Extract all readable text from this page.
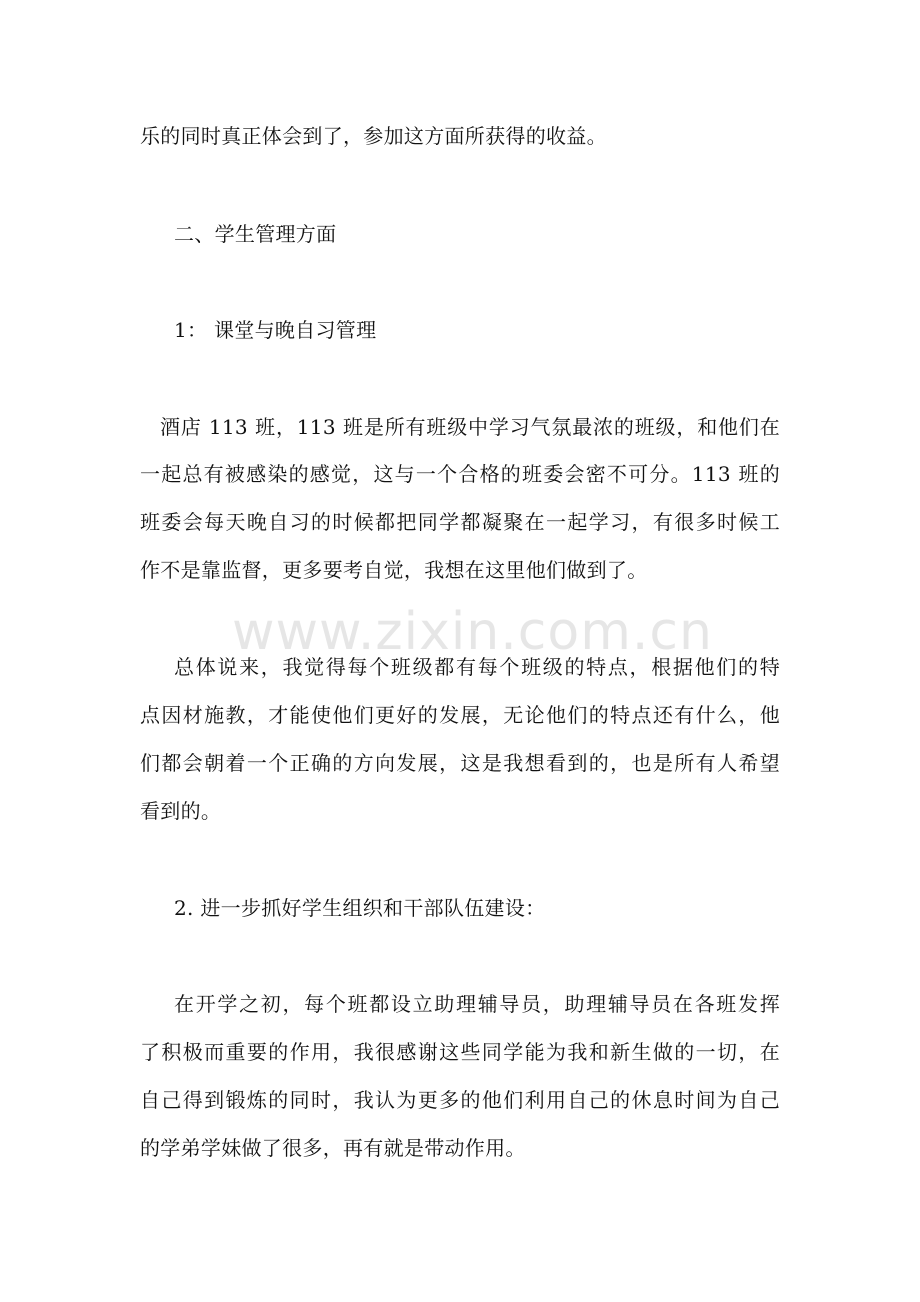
www.zixin.com.cn
乐的同时真正体会到了，参加这方面所获得的收益。
二、学生管理方面
1： 课堂与晚自习管理
酒店 113 班，113 班是所有班级中学习气氛最浓的班级，和他们在
一起总有被感染的感觉，这与一个合格的班委会密不可分。113 班的
班委会每天晚自习的时候都把同学都凝聚在一起学习，有很多时候工
作不是靠监督，更多要考自觉，我想在这里他们做到了。
总体说来，我觉得每个班级都有每个班级的特点，根据他们的特
点因材施教，才能使他们更好的发展，无论他们的特点还有什么，他
们都会朝着一个正确的方向发展，这是我想看到的，也是所有人希望
看到的。
2. 进一步抓好学生组织和干部队伍建设：
在开学之初，每个班都设立助理辅导员，助理辅导员在各班发挥
了积极而重要的作用，我很感谢这些同学能为我和新生做的一切，在
自己得到锻炼的同时，我认为更多的他们利用自己的休息时间为自己
的学弟学妹做了很多，再有就是带动作用。
